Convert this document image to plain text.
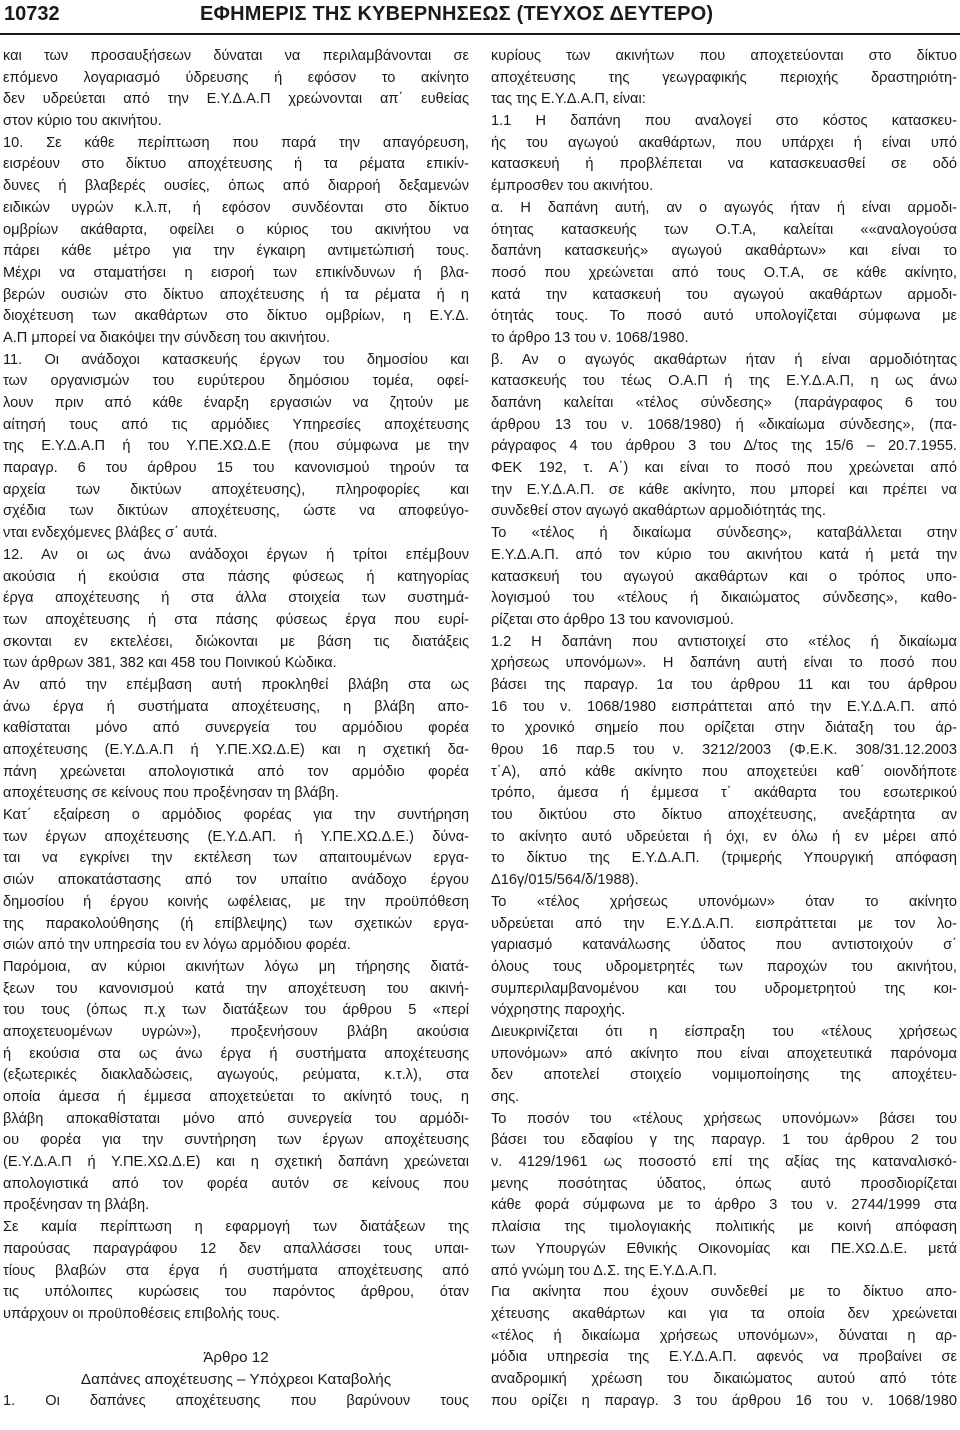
10732	ΕΦΗΜΕΡΙΣ ΤΗΣ ΚΥΒΕΡΝΗΣΕΩΣ (ΤΕΥΧΟΣ ΔΕΥΤΕΡΟ)
και των προσαυξήσεων δύναται να περιλαμβάνονται σε
επόμενο λογαριασμό ύδρευσης ή εφόσον το ακίνητο
δεν υδρεύεται από την Ε.Υ.Δ.Α.Π χρεώνονται απ΄ ευθείας
στον κύριο του ακινήτου.
10. Σε κάθε περίπτωση που παρά την απαγόρευση,
εισρέουν στο δίκτυο αποχέτευσης ή τα ρέματα επικίν-
δυνες ή βλαβερές ουσίες, όπως από διαρροή δεξαμενών
ειδικών υγρών κ.λ.π, ή εφόσον συνδέονται στο δίκτυο
ομβρίων ακάθαρτα, οφείλει ο κύριος του ακινήτου να
πάρει κάθε μέτρο για την έγκαιρη αντιμετώπισή τους.
Μέχρι να σταματήσει η εισροή των επικίνδυνων ή βλα-
βερών ουσιών στο δίκτυο αποχέτευσης ή τα ρέματα ή η
διοχέτευση των ακαθάρτων στο δίκτυο ομβρίων, η Ε.Υ.Δ.
Α.Π μπορεί να διακόψει την σύνδεση του ακινήτου.
11. Οι ανάδοχοι κατασκευής έργων του δημοσίου και
των οργανισμών του ευρύτερου δημόσιου τομέα, οφεί-
λουν πριν από κάθε έναρξη εργασιών να ζητούν με
αίτησή τους από τις αρμόδιες Υπηρεσίες αποχέτευσης
της Ε.Υ.Δ.Α.Π ή του Υ.ΠΕ.ΧΩ.Δ.Ε (που σύμφωνα με την
παραγρ. 6 του άρθρου 15 του κανονισμού τηρούν τα
αρχεία των δικτύων αποχέτευσης), πληροφορίες και
σχέδια των δικτύων αποχέτευσης, ώστε να αποφεύγο-
νται ενδεχόμενες βλάβες σ΄ αυτά.
12. Αν οι ως άνω ανάδοχοι έργων ή τρίτοι επέμβουν
ακούσια ή εκούσια στα πάσης φύσεως ή κατηγορίας
έργα αποχέτευσης ή στα άλλα στοιχεία των συστημά-
των αποχέτευσης ή στα πάσης φύσεως έργα που ευρί-
σκονται εν εκτελέσει, διώκονται με βάση τις διατάξεις
των άρθρων 381, 382 και 458 του Ποινικού Κώδικα.
Αν από την επέμβαση αυτή προκληθεί βλάβη στα ως
άνω έργα ή συστήματα αποχέτευσης, η βλάβη απο-
καθίσταται μόνο από συνεργεία του αρμόδιου φορέα
αποχέτευσης (Ε.Υ.Δ.Α.Π ή Υ.ΠΕ.ΧΩ.Δ.Ε) και η σχετική δα-
πάνη χρεώνεται απολογιστικά από τον αρμόδιο φορέα
αποχέτευσης σε κείνους που προξένησαν τη βλάβη.
Κατ΄ εξαίρεση ο αρμόδιος φορέας για την συντήρηση
των έργων αποχέτευσης (Ε.Υ.Δ.ΑΠ. ή Υ.ΠΕ.ΧΩ.Δ.Ε.) δύνα-
ται να εγκρίνει την εκτέλεση των απαιτουμένων εργα-
σιών αποκατάστασης από τον υπαίτιο ανάδοχο έργου
δημοσίου ή έργου κοινής ωφέλειας, με την προϋπόθεση
της παρακολούθησης (ή επίβλεψης) των σχετικών εργα-
σιών από την υπηρεσία του εν λόγω αρμόδιου φορέα.
Παρόμοια, αν κύριοι ακινήτων λόγω μη τήρησης διατά-
ξεων του κανονισμού κατά την αποχέτευση του ακινή-
του τους (όπως π.χ των διατάξεων του άρθρου 5 «περί
αποχετευομένων υγρών»), προξενήσουν βλάβη ακούσια
ή εκούσια στα ως άνω έργα ή συστήματα αποχέτευσης
(εξωτερικές διακλαδώσεις, αγωγούς, ρεύματα, κ.τ.λ), στα
οποία άμεσα ή έμμεσα αποχετεύεται το ακίνητό τους, η
βλάβη αποκαθίσταται μόνο από συνεργεία του αρμόδι-
ου φορέα για την συντήρηση των έργων αποχέτευσης
(Ε.Υ.Δ.Α.Π ή Υ.ΠΕ.ΧΩ.Δ.Ε) και η σχετική δαπάνη χρεώνεται
απολογιστικά από τον φορέα αυτόν σε κείνους που
προξένησαν τη βλάβη.
Σε καμία περίπτωση η εφαρμογή των διατάξεων της
παρούσας παραγράφου 12 δεν απαλλάσσει τους υπαι-
τίους βλαβών στα έργα ή συστήματα αποχέτευσης από
τις υπόλοιπες κυρώσεις του παρόντος άρθρου, όταν
υπάρχουν οι προϋποθέσεις επιβολής τους.
Άρθρο 12
Δαπάνες αποχέτευσης – Υπόχρεοι Καταβολής
1. Οι δαπάνες αποχέτευσης που βαρύνουν τους
κυρίους των ακινήτων που αποχετεύονται στο δίκτυο
αποχέτευσης της γεωγραφικής περιοχής δραστηριότη-
τας της Ε.Υ.Δ.Α.Π, είναι:
1.1 Η δαπάνη που αναλογεί στο κόστος κατασκευ-
ής του αγωγού ακαθάρτων, που υπάρχει ή είναι υπό
κατασκευή ή προβλέπεται να κατασκευασθεί σε οδό
έμπροσθεν του ακινήτου.
α. Η δαπάνη αυτή, αν ο αγωγός ήταν ή είναι αρμοδι-
ότητας κατασκευής των Ο.Τ.Α, καλείται ««αναλογούσα
δαπάνη κατασκευής» αγωγού ακαθάρτων» και είναι το
ποσό που χρεώνεται από τους Ο.Τ.Α, σε κάθε ακίνητο,
κατά την κατασκευή του αγωγού ακαθάρτων αρμοδι-
ότητάς τους. Το ποσό αυτό υπολογίζεται σύμφωνα με
το άρθρο 13 του ν. 1068/1980.
β. Αν ο αγωγός ακαθάρτων ήταν ή είναι αρμοδιότητας
κατασκευής του τέως Ο.Α.Π ή της Ε.Υ.Δ.Α.Π, η ως άνω
δαπάνη καλείται «τέλος σύνδεσης» (παράγραφος 6 του
άρθρου 13 του ν. 1068/1980) ή «δικαίωμα σύνδεσης», (πα-
ράγραφος 4 του άρθρου 3 του Δ/τος της 15/6 – 20.7.1955.
ΦΕΚ 192, τ. Α΄) και είναι το ποσό που χρεώνεται από
την Ε.Υ.Δ.Α.Π. σε κάθε ακίνητο, που μπορεί και πρέπει να
συνδεθεί στον αγωγό ακαθάρτων αρμοδιότητάς της.
Το «τέλος ή δικαίωμα σύνδεσης», καταβάλλεται στην
Ε.Υ.Δ.Α.Π. από τον κύριο του ακινήτου κατά ή μετά την
κατασκευή του αγωγού ακαθάρτων και ο τρόπος υπο-
λογισμού του «τέλους ή δικαιώματος σύνδεσης», καθο-
ρίζεται στο άρθρο 13 του κανονισμού.
1.2 Η δαπάνη που αντιστοιχεί στο «τέλος ή δικαίωμα
χρήσεως υπονόμων». Η δαπάνη αυτή είναι το ποσό που
βάσει της παραγρ. 1α του άρθρου 11 και του άρθρου
16 του ν. 1068/1980 εισπράττεται από την Ε.Υ.Δ.Α.Π. από
το χρονικό σημείο που ορίζεται στην διάταξη του άρ-
θρου 16 παρ.5 του ν. 3212/2003 (Φ.Ε.Κ. 308/31.12.2003
τ΄Α), από κάθε ακίνητο που αποχετεύει καθ΄ οιονδήποτε
τρόπο, άμεσα ή έμμεσα τ΄ ακάθαρτα του εσωτερικού
του δικτύου στο δίκτυο αποχέτευσης, ανεξάρτητα αν
το ακίνητο αυτό υδρεύεται ή όχι, εν όλω ή εν μέρει από
το δίκτυο της Ε.Υ.Δ.Α.Π. (τριμερής Υπουργική απόφαση
Δ16γ/015/564/δ/1988).
Το «τέλος χρήσεως υπονόμων» όταν το ακίνητο
υδρεύεται από την Ε.Υ.Δ.Α.Π. εισπράττεται με τον λο-
γαριασμό κατανάλωσης ύδατος που αντιστοιχούν σ΄
όλους τους υδρομετρητές των παροχών του ακινήτου,
συμπεριλαμβανομένου και του υδρομετρητού της κοι-
νόχρηστης παροχής.
Διευκρινίζεται ότι η είσπραξη του «τέλους χρήσεως
υπονόμων» από ακίνητο που είναι αποχετευτικά παρόνομα
δεν αποτελεί στοιχείο νομιμοποίησης της αποχέτευ-
σης.
Το ποσόν του «τέλους χρήσεως υπονόμων» βάσει του
βάσει του εδαφίου γ της παραγρ. 1 του άρθρου 2 του
ν. 4129/1961 ως ποσοστό επί της αξίας της καταναλισκό-
μενης ποσότητας ύδατος, όπως αυτό προσδιορίζεται
κάθε φορά σύμφωνα με το άρθρο 3 του ν. 2744/1999 στα
πλαίσια της τιμολογιακής πολιτικής με κοινή απόφαση
των Υπουργών Εθνικής Οικονομίας και ΠΕ.ΧΩ.Δ.Ε. μετά
από γνώμη του Δ.Σ. της Ε.Υ.Δ.Α.Π.
Για ακίνητα που έχουν συνδεθεί με το δίκτυο απο-
χέτευσης ακαθάρτων και για τα οποία δεν χρεώνεται
«τέλος ή δικαίωμα χρήσεως υπονόμων», δύναται η αρ-
μόδια υπηρεσία της Ε.Υ.Δ.Α.Π. αφενός να προβαίνει σε
αναδρομική χρέωση του δικαιώματος αυτού από τότε
που ορίζει η παραγρ. 3 του άρθρου 16 του ν. 1068/1980
